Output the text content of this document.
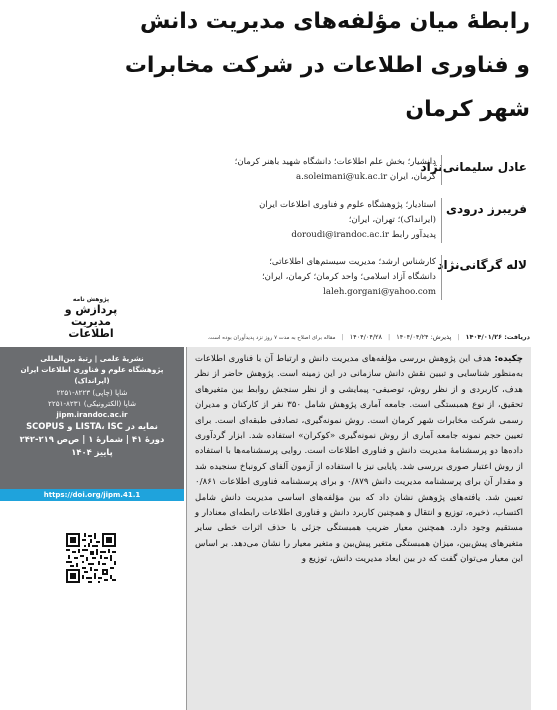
رابطهٔ میان مؤلفه‌های مدیریت دانش
و فناوری اطلاعات در شرکت مخابرات
شهر کرمان
عادل سلیمانی‌نژاد
دانشیار؛ بخش علم اطلاعات؛ دانشگاه شهید باهنر کرمان؛
کرمان، ایران a.soleimani@uk.ac.ir
فریبرز درودی
استادیار؛ پژوهشگاه علوم و فناوری اطلاعات ایران
(ایرانداک)؛ تهران، ایران؛
پدیدآور رابط doroudi@irandoc.ac.ir
لاله گرگانی‌نژاد
کارشناس ارشد؛ مدیریت سیستم‌های اطلاعاتی؛
دانشگاه آزاد اسلامی؛ واحد کرمان؛ کرمان، ایران؛
laleh.gorgani@yahoo.com
پژوهش نامه
پردازش و
مدیریت
اطلاعات	دریافت: ۱۴۰۴/۰۱/۲۶|پذیرش: ۱۴۰۴/۰۴/۲۴|۱۴۰۴/۰۴/۲۸|مقاله برای اصلاح به مدت ۷ روز نزد پدیدآوران بوده است.
نشریهٔ علمی | رتبهٔ بین‌المللی
پژوهشگاه علوم و فناوری اطلاعات ایران
(ایرانداک)
شاپا (چاپی) ۸۲۲۳-۲۲۵۱
شاپا (الکترونیکی) ۸۲۳۱-۲۲۵۱
jipm.irandoc.ac.ir
نمایه در LISTA، ISC و SCOPUS
دورهٔ ۴۱ | شمارهٔ ۱ | ص‌ص ۲۱۹-۲۴۲
پاییز ۱۴۰۴
https://doi.org/jipm.41.1
چکیده: هدف این پژوهش بررسی مؤلفه‌های مدیریت دانش و ارتباط آن با فناوری اطلاعات به‌منظور شناسایی و تبیین نقش دانش سازمانی در این زمینه است. پژوهش حاضر از نظر هدف، کاربردی و از نظر روش، توصیفی- پیمایشی و از نظر سنجش روابط بین متغیرهای تحقیق، از نوع همبستگی است. جامعه آماری پژوهش شامل ۳۵۰ نفر از کارکنان و مدیران رسمی شرکت مخابرات شهر کرمان است. روش نمونه‌گیری، تصادفی طبقه‌ای است. برای تعیین حجم نمونه جامعه آماری از روش نمونه‌گیری «کوکران» استفاده شد. ابزار گردآوری داده‌ها دو پرسشنامهٔ مدیریت دانش و فناوری اطلاعات است. روایی پرسشنامه‌ها با استفاده از روش اعتبار صوری بررسی شد. پایایی نیز با استفاده از آزمون آلفای کرونباخ سنجیده شد و مقدار آن برای پرسشنامه مدیریت دانش ۰/۸۷۹ و برای پرسشنامه فناوری اطلاعات ۰/۸۶۱ تعیین شد. یافته‌های پژوهش نشان داد که بین مؤلفه‌های اساسی مدیریت دانش شامل اکتساب، ذخیره، توزیع و انتقال و همچنین کاربرد دانش و فناوری اطلاعات رابطه‌ای معنادار و مستقیم وجود دارد. همچنین معیار ضریب همبستگی جزئی با حذف اثرات خطی سایر متغیرهای پیش‌بین، میزان همبستگی متغیر پیش‌بین و متغیر معیار را نشان می‌دهد. بر اساس این معیار می‌توان گفت که در بین ابعاد مدیریت دانش، توزیع و
